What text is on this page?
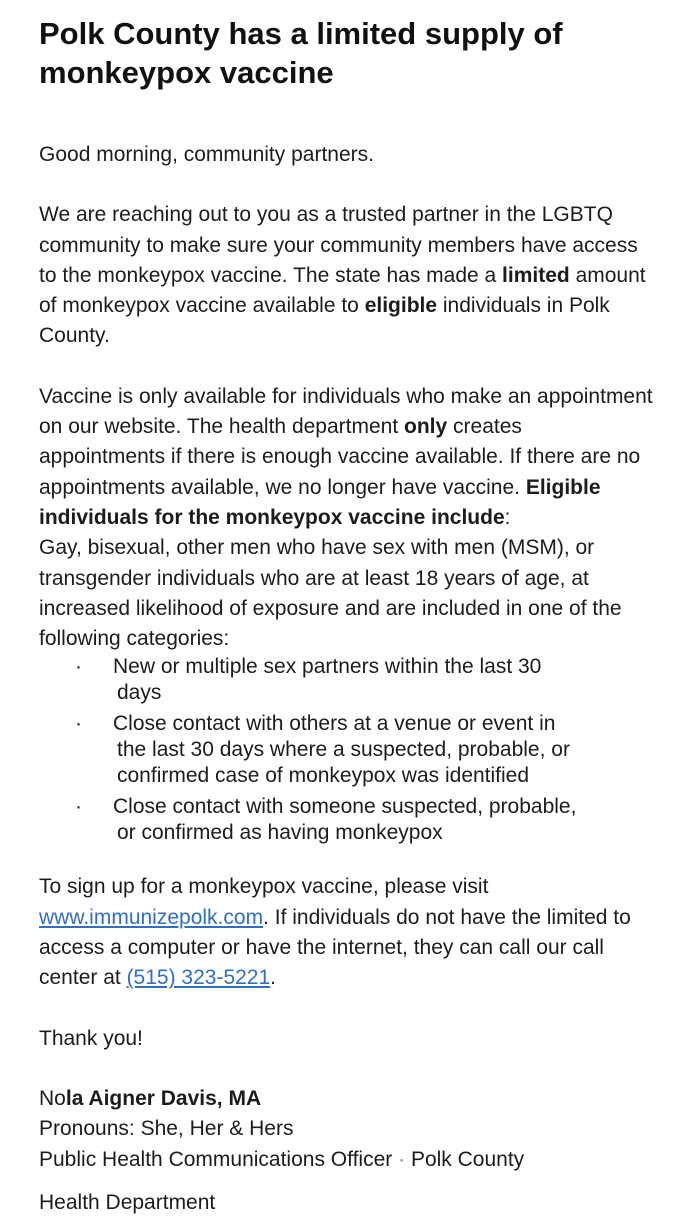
Polk County has a limited supply of monkeypox vaccine

Good morning, community partners.

We are reaching out to you as a trusted partner in the LGBTQ community to make sure your community members have access to the monkeypox vaccine. The state has made a limited amount of monkeypox vaccine available to eligible individuals in Polk County.

Vaccine is only available for individuals who make an appointment on our website. The health department only creates appointments if there is enough vaccine available. If there are no appointments available, we no longer have vaccine. Eligible individuals for the monkeypox vaccine include:
Gay, bisexual, other men who have sex with men (MSM), or transgender individuals who are at least 18 years of age, at increased likelihood of exposure and are included in one of the following categories:

· New or multiple sex partners within the last 30
days
· Close contact with others at a venue or event in
the last 30 days where a suspected, probable, or confirmed case of monkeypox was identified
· Close contact with someone suspected, probable,
or confirmed as having monkeypox

To sign up for a monkeypox vaccine, please visit www.immunizepolk.com. If individuals do not have the limited to access a computer or have the internet, they can call our call center at (515) 323-5221.

Thank you!

Nola Aigner Davis, MA

Pronouns: She, Her & Hers

Public Health Communications Officer · Polk County

Health Department
